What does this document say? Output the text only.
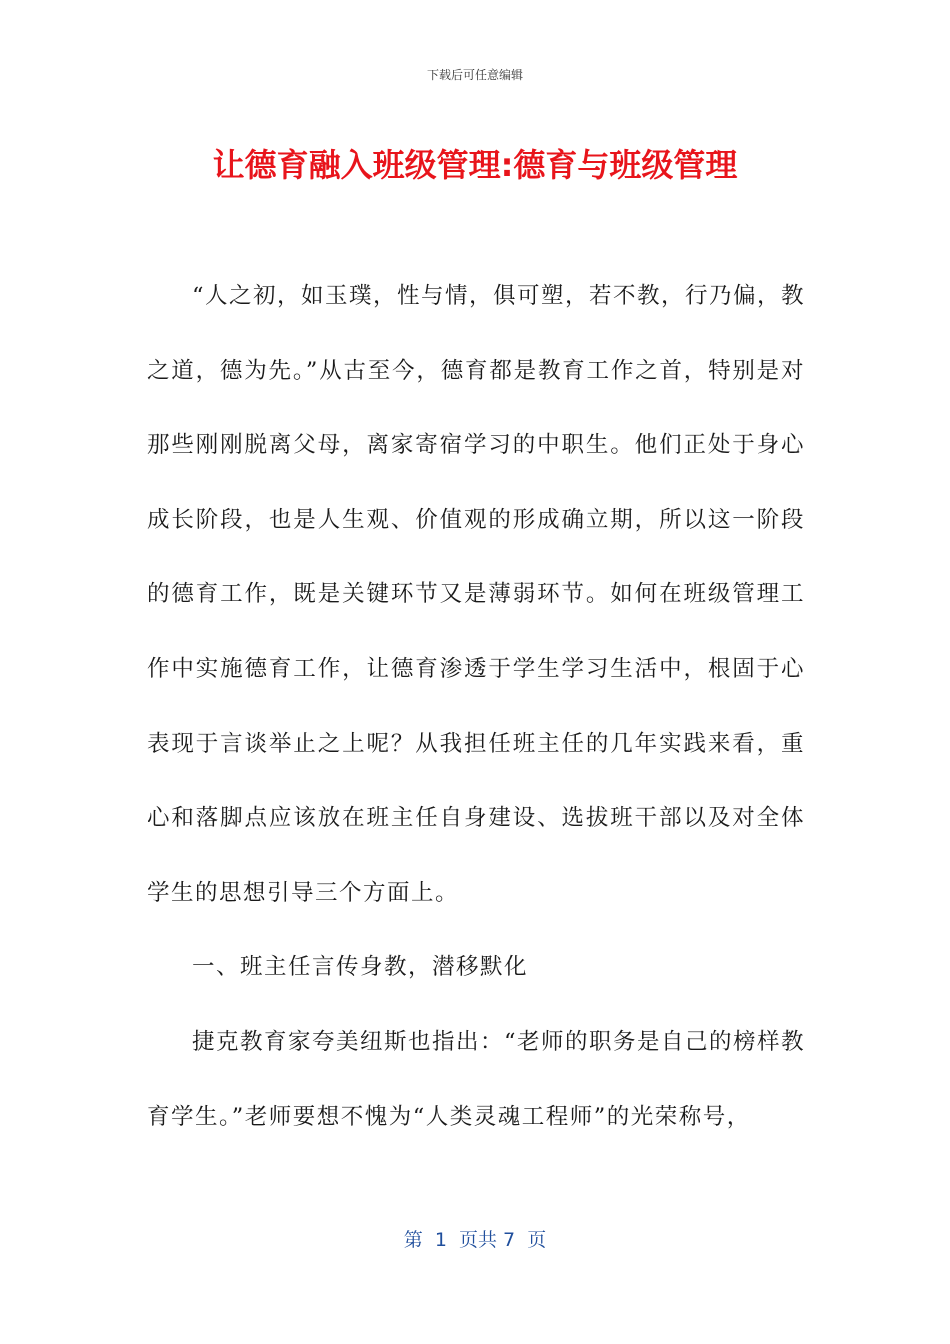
下载后可任意编辑
让德育融入班级管理:德育与班级管理

“人之初，如玉璞，性与情，俱可塑，若不教，行乃偏，教之道，德为先。”从古至今，德育都是教育工作之首，特别是对那些刚刚脱离父母，离家寄宿学习的中职生。他们正处于身心成长阶段，也是人生观、价值观的形成确立期，所以这一阶段的德育工作，既是关键环节又是薄弱环节。如何在班级管理工作中实施德育工作，让德育渗透于学生学习生活中，根固于心表现于言谈举止之上呢？从我担任班主任的几年实践来看，重心和落脚点应该放在班主任自身建设、选拔班干部以及对全体学生的思想引导三个方面上。

一、班主任言传身教，潜移默化

捷克教育家夸美纽斯也指出：“老师的职务是自己的榜样教育学生。”老师要想不愧为“人类灵魂工程师”的光荣称号，

第  1  页共 7  页
